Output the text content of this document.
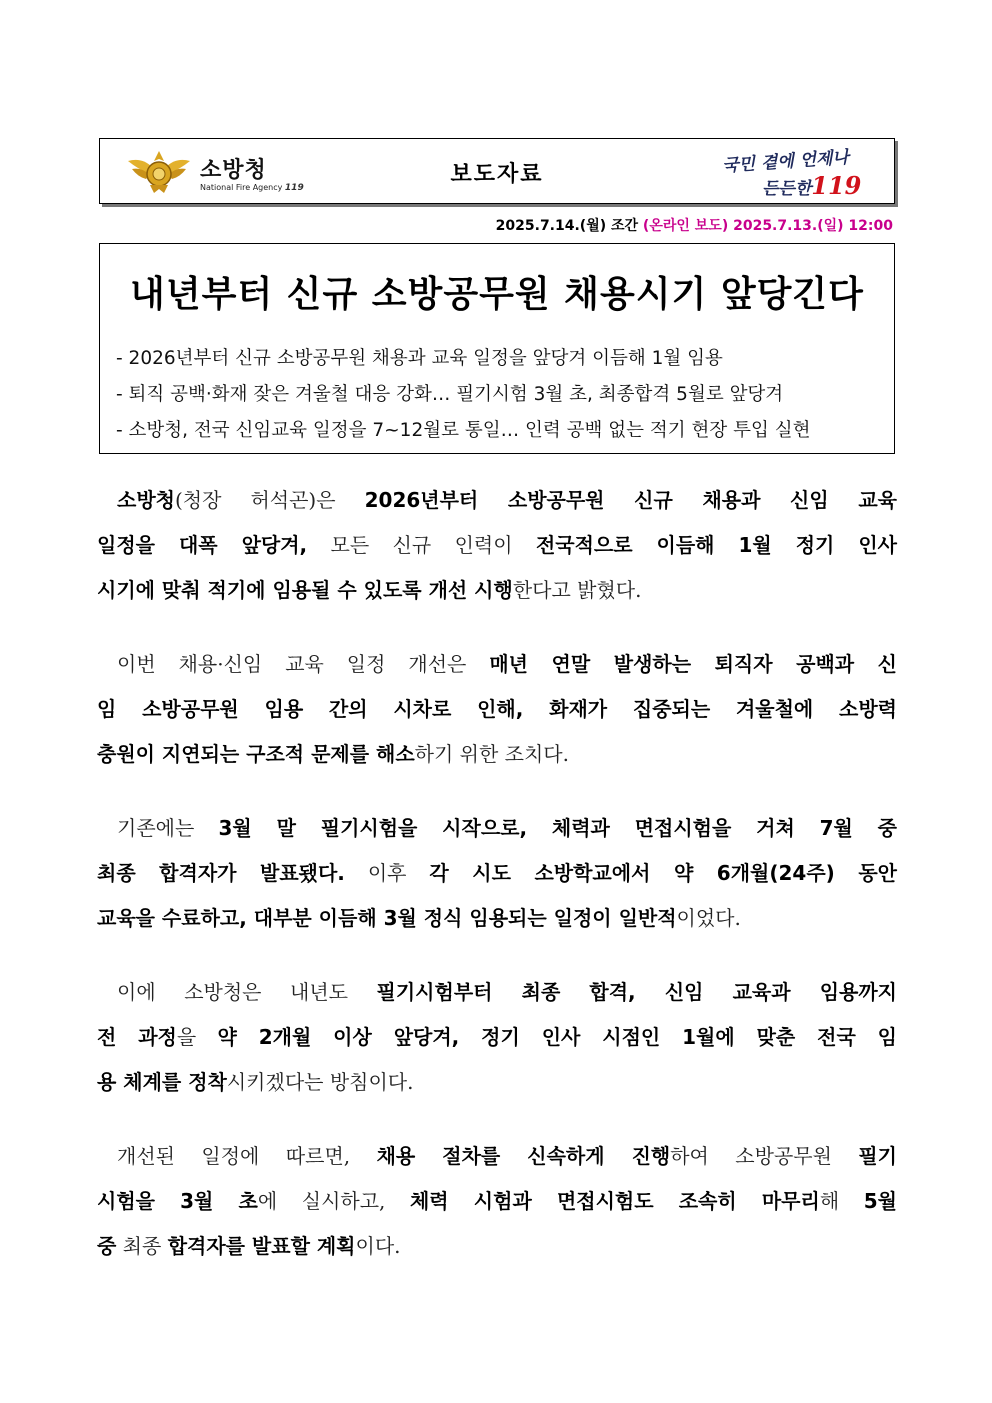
소방청
National Fire Agency 119
보도자료	국민 곁에 언제나
든든한119
2025.7.14.(월) 조간 (온라인 보도) 2025.7.13.(일) 12:00
내년부터 신규 소방공무원 채용시기 앞당긴다
- 2026년부터 신규 소방공무원 채용과 교육 일정을 앞당겨 이듬해 1월 임용
- 퇴직 공백·화재 잦은 겨울철 대응 강화… 필기시험 3월 초, 최종합격 5월로 앞당겨
- 소방청, 전국 신임교육 일정을 7~12월로 통일… 인력 공백 없는 적기 현장 투입 실현
 소방청(청장 허석곤)은 2026년부터 소방공무원 신규 채용과 신임 교육
일정을 대폭 앞당겨, 모든 신규 인력이 전국적으로 이듬해 1월 정기 인사
시기에 맞춰 적기에 임용될 수 있도록 개선 시행한다고 밝혔다.
 이번 채용·신임 교육 일정 개선은 매년 연말 발생하는 퇴직자 공백과 신
임 소방공무원 임용 간의 시차로 인해, 화재가 집중되는 겨울철에 소방력
충원이 지연되는 구조적 문제를 해소하기 위한 조치다.
 기존에는 3월 말 필기시험을 시작으로, 체력과 면접시험을 거쳐 7월 중
최종 합격자가 발표됐다. 이후 각 시도 소방학교에서 약 6개월(24주) 동안
교육을 수료하고, 대부분 이듬해 3월 정식 임용되는 일정이 일반적이었다.
 이에 소방청은 내년도 필기시험부터 최종 합격, 신임 교육과 임용까지
전 과정을 약 2개월 이상 앞당겨, 정기 인사 시점인 1월에 맞춘 전국 임
용 체계를 정착시키겠다는 방침이다.
 개선된 일정에 따르면, 채용 절차를 신속하게 진행하여 소방공무원 필기
시험을 3월 초에 실시하고, 체력 시험과 면접시험도 조속히 마무리해 5월
중 최종 합격자를 발표할 계획이다.
